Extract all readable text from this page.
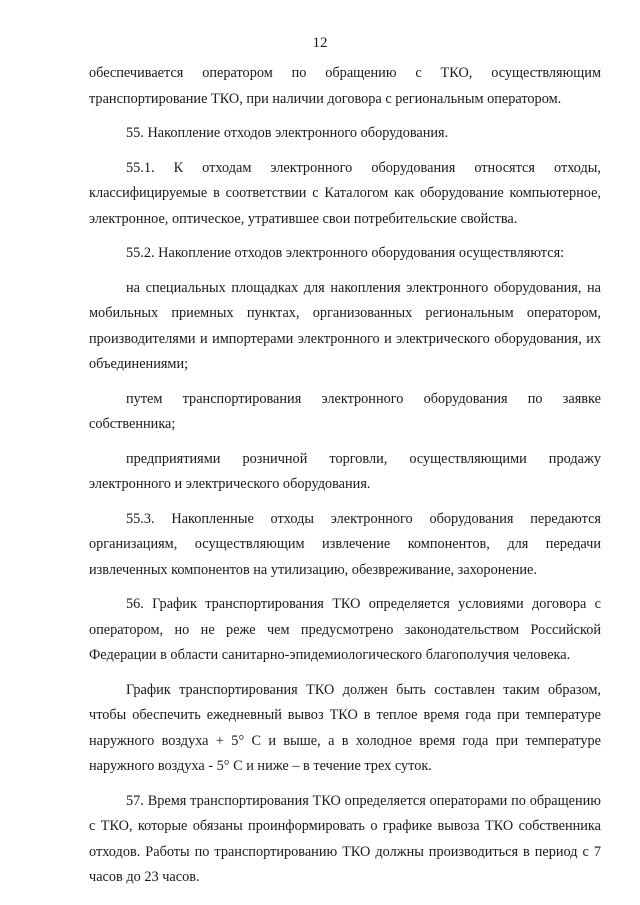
12

обеспечивается оператором по обращению с ТКО, осуществляющим транспортирование ТКО, при наличии договора с региональным оператором.

55. Накопление отходов электронного оборудования.

55.1. К отходам электронного оборудования относятся отходы, классифицируемые в соответствии с Каталогом как оборудование компьютерное, электронное, оптическое, утратившее свои потребительские свойства.

55.2. Накопление отходов электронного оборудования осуществляются:

на специальных площадках для накопления электронного оборудования, на мобильных приемных пунктах, организованных региональным оператором, производителями и импортерами электронного и электрического оборудования, их объединениями;

путем транспортирования электронного оборудования по заявке собственника;

предприятиями розничной торговли, осуществляющими продажу электронного и электрического оборудования.

55.3. Накопленные отходы электронного оборудования передаются организациям, осуществляющим извлечение компонентов, для передачи извлеченных компонентов на утилизацию, обезвреживание, захоронение.

56. График транспортирования ТКО определяется условиями договора с оператором, но не реже чем предусмотрено законодательством Российской Федерации в области санитарно-эпидемиологического благополучия человека.

График транспортирования ТКО должен быть составлен таким образом, чтобы обеспечить ежедневный вывоз ТКО в теплое время года при температуре наружного воздуха + 5° С и выше, а в холодное время года при температуре наружного воздуха - 5° С и ниже – в течение трех суток.

57. Время транспортирования ТКО определяется операторами по обращению с ТКО, которые обязаны проинформировать о графике вывоза ТКО собственника отходов. Работы по транспортированию ТКО должны производиться в период с 7 часов до 23 часов.
